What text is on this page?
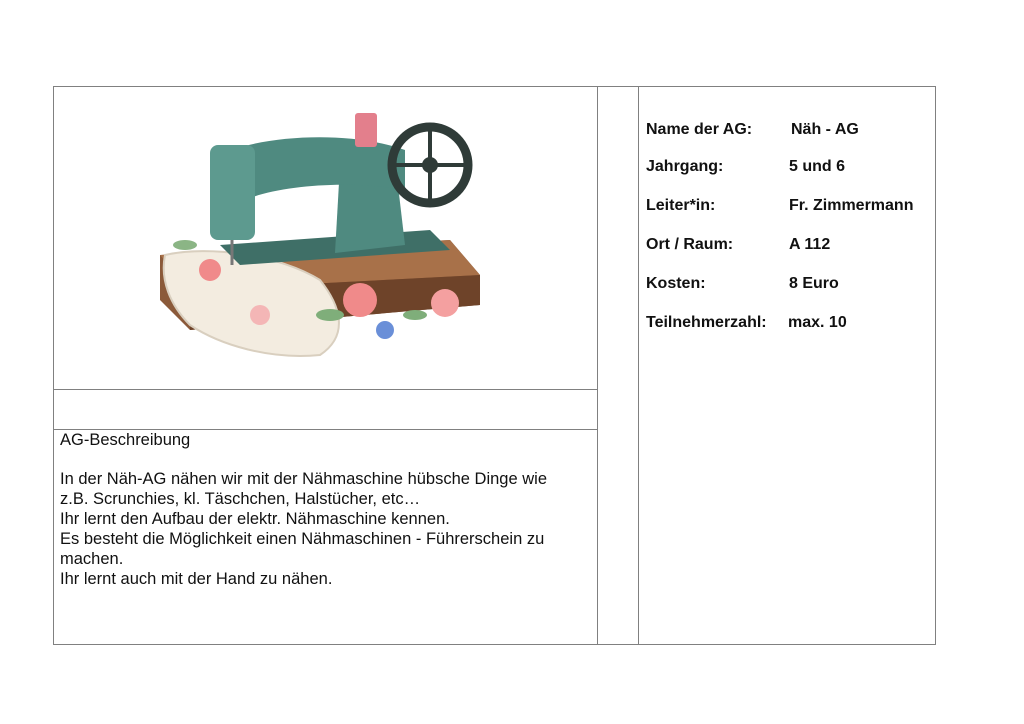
AG-Beschreibung

In der Näh-AG nähen wir mit der Nähmaschine hübsche Dinge wie

z.B. Scrunchies, kl. Täschchen, Halstücher, etc…

Ihr lernt den Aufbau der elektr. Nähmaschine kennen.

Es besteht die Möglichkeit einen Nähmaschinen - Führerschein zu

machen.

Ihr lernt auch mit der Hand zu nähen.

Name der AG: Näh - AG
Jahrgang:	5 und 6
Leiter*in:	Fr. Zimmermann
Ort / Raum:	A 112
Kosten:	8 Euro
Teilnehmerzahl: max. 10
